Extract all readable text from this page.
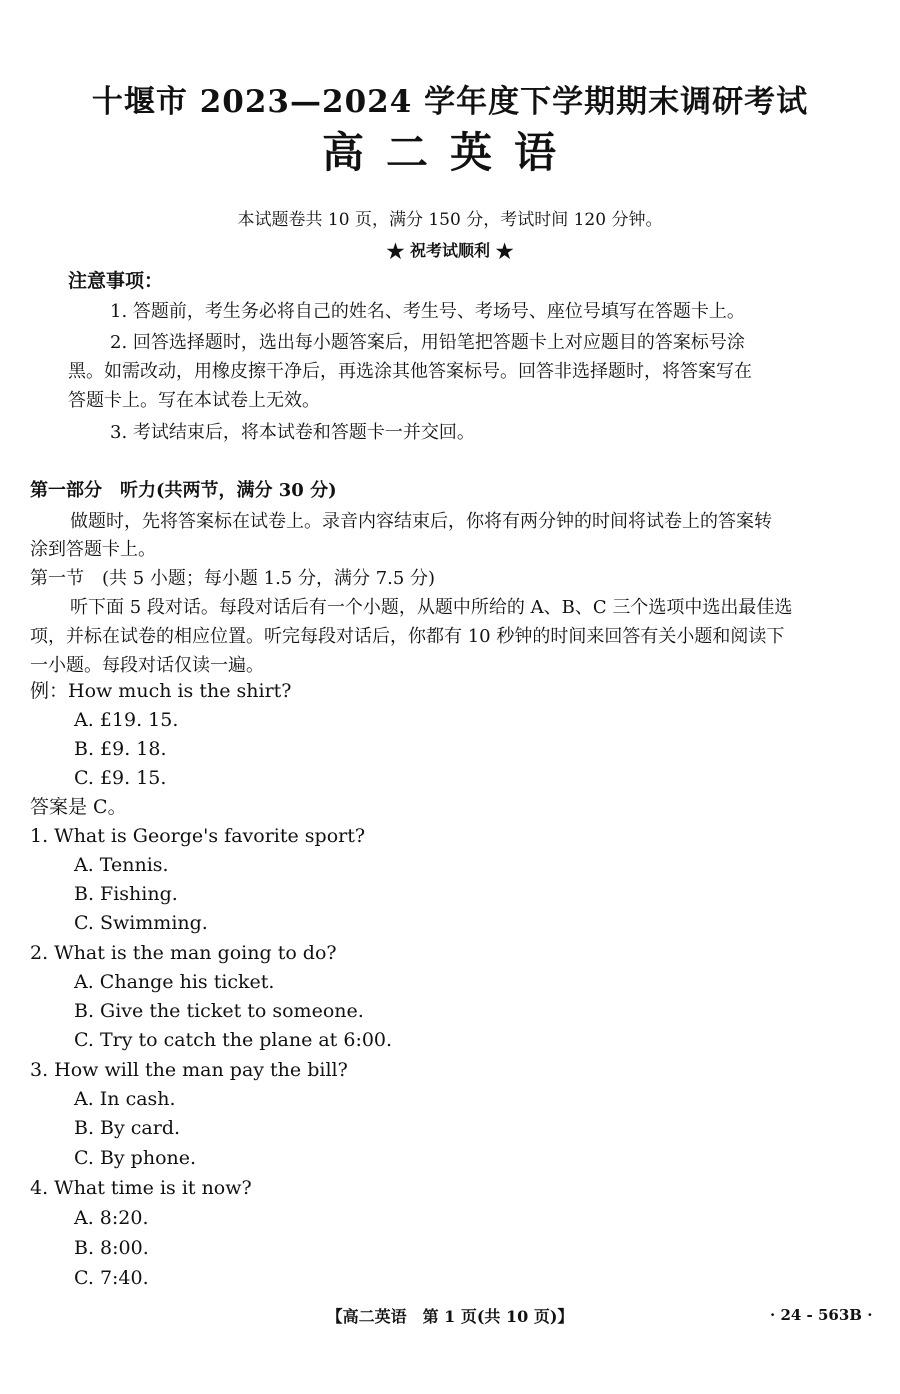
十堰市 2023—2024 学年度下学期期末调研考试
高二英语
本试题卷共 10 页，满分 150 分，考试时间 120 分钟。
★ 祝考试顺利 ★
注意事项：
1. 答题前，考生务必将自己的姓名、考生号、考场号、座位号填写在答题卡上。
2. 回答选择题时，选出每小题答案后，用铅笔把答题卡上对应题目的答案标号涂
黑。如需改动，用橡皮擦干净后，再选涂其他答案标号。回答非选择题时，将答案写在
答题卡上。写在本试卷上无效。
3. 考试结束后，将本试卷和答题卡一并交回。
第一部分　听力(共两节，满分 30 分)
做题时，先将答案标在试卷上。录音内容结束后，你将有两分钟的时间将试卷上的答案转
涂到答题卡上。
第一节　(共 5 小题；每小题 1.5 分，满分 7.5 分)
听下面 5 段对话。每段对话后有一个小题，从题中所给的 A、B、C 三个选项中选出最佳选
项，并标在试卷的相应位置。听完每段对话后，你都有 10 秒钟的时间来回答有关小题和阅读下
一小题。每段对话仅读一遍。
例：How much is the shirt?
A. £19. 15.
B. £9. 18.
C. £9. 15.
答案是 C。
1. What is George's favorite sport?
A. Tennis.
B. Fishing.
C. Swimming.
2. What is the man going to do?
A. Change his ticket.
B. Give the ticket to someone.
C. Try to catch the plane at 6:00.
3. How will the man pay the bill?
A. In cash.
B. By card.
C. By phone.
4. What time is it now?
A. 8:20.
B. 8:00.
C. 7:40.
【高二英语　第 1 页(共 10 页)】	· 24 - 563B ·
